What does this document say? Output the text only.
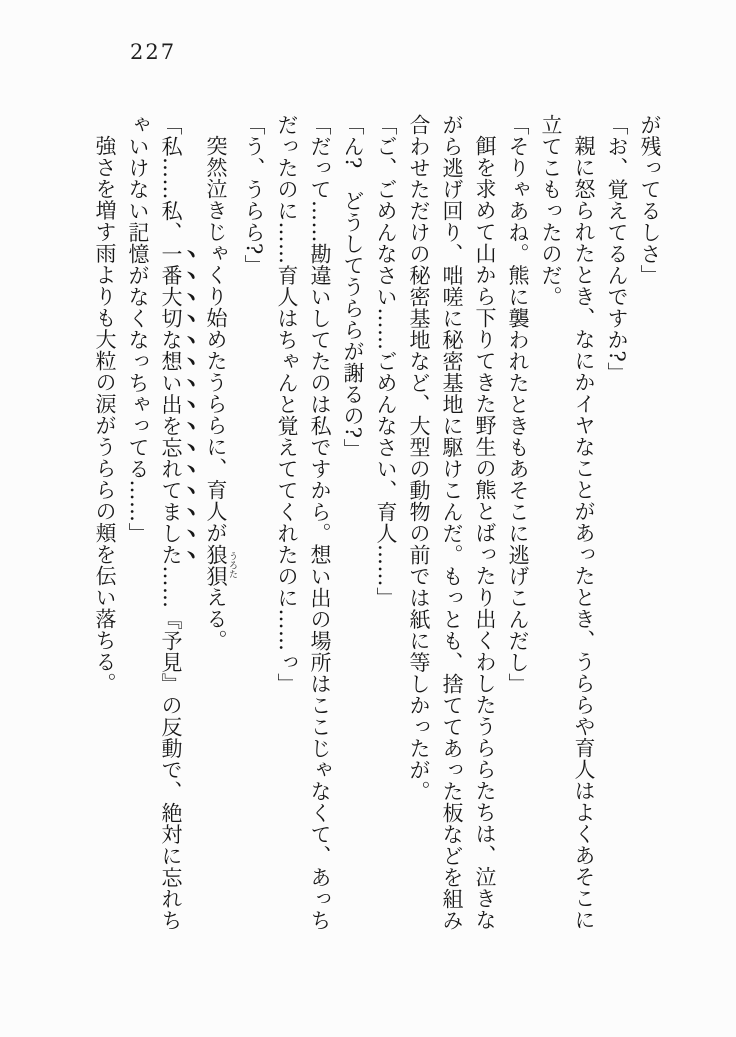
227
が残ってるしさ」
「お、覚えてるんですか?」
親に怒られたとき、なにかイヤなことがあったとき、うららや育人はよくあそこに
立てこもったのだ。
「そりゃあね。熊に襲われたときもあそこに逃げこんだし」
餌を求めて山から下りてきた野生の熊とばったり出くわしたうららたちは、泣きな
がら逃げ回り、咄嗟に秘密基地に駆けこんだ。もっとも、捨ててあった板などを組み
合わせただけの秘密基地など、大型の動物の前では紙に等しかったが。
「ご、ごめんなさい……ごめんなさい、育人……」
「ん?　どうしてうららが謝るの?」
「だって……勘違いしてたのは私ですから。想い出の場所はここじゃなくて、あっち
だったのに……育人はちゃんと覚えててくれたのに……っ」
「う、うらら?」
突然泣きじゃくり始めたうららに、育人が狼狽 うろたえる。
「私……私、一番大切な想い出を忘れてました……『予見』の反動で、絶対に忘れち
ゃいけない記憶がなくなっちゃってる……」
強さを増す雨よりも大粒の涙がうららの頬を伝い落ちる。
